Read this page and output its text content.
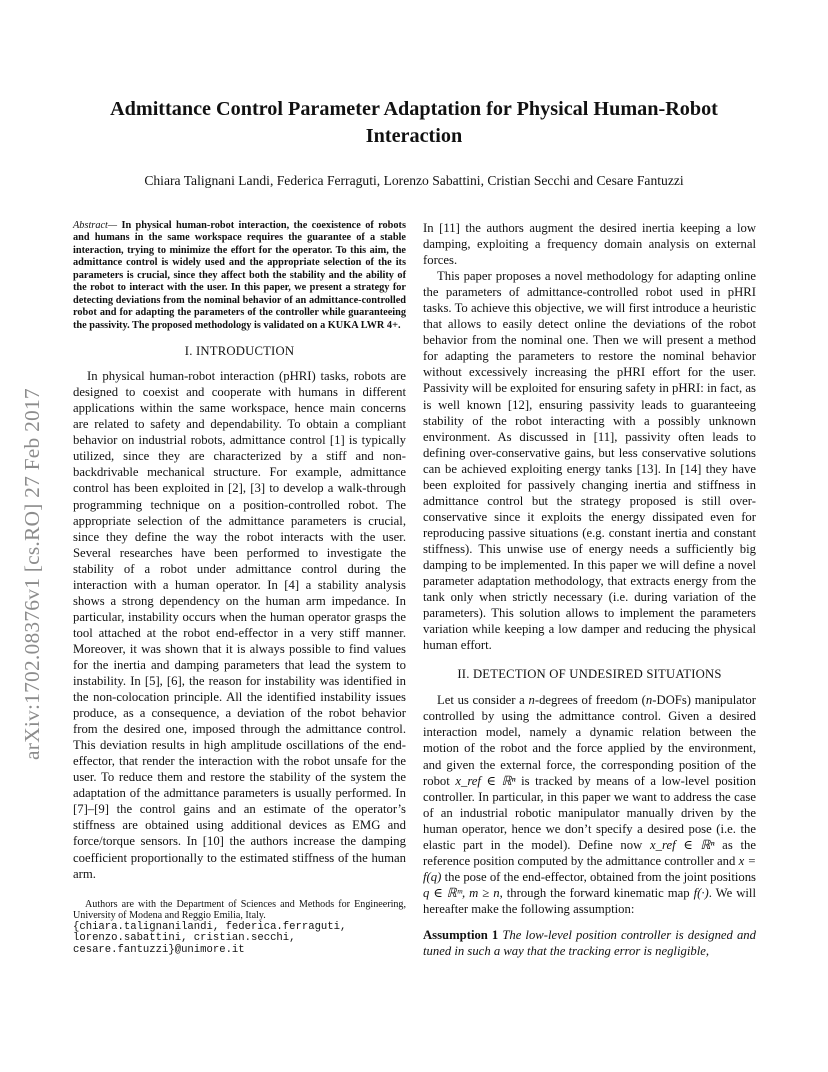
Admittance Control Parameter Adaptation for Physical Human-Robot Interaction
Chiara Talignani Landi, Federica Ferraguti, Lorenzo Sabattini, Cristian Secchi and Cesare Fantuzzi
arXiv:1702.08376v1 [cs.RO] 27 Feb 2017

Abstract— In physical human-robot interaction, the coexistence of robots and humans in the same workspace requires the guarantee of a stable interaction, trying to minimize the effort for the operator. To this aim, the admittance control is widely used and the appropriate selection of the its parameters is crucial, since they affect both the stability and the ability of the robot to interact with the user. In this paper, we present a strategy for detecting deviations from the nominal behavior of an admittance-controlled robot and for adapting the parameters of the controller while guaranteeing the passivity. The proposed methodology is validated on a KUKA LWR 4+.

I. INTRODUCTION

In physical human-robot interaction (pHRI) tasks, robots are designed to coexist and cooperate with humans in different applications within the same workspace, hence main concerns are related to safety and dependability. To obtain a compliant behavior on industrial robots, admittance control [1] is typically utilized, since they are characterized by a stiff and non-backdrivable mechanical structure. For example, admittance control has been exploited in [2], [3] to develop a walk-through programming technique on a position-controlled robot. The appropriate selection of the admittance parameters is crucial, since they define the way the robot interacts with the user. Several researches have been performed to investigate the stability of a robot under admittance control during the interaction with a human operator. In [4] a stability analysis shows a strong dependency on the human arm impedance. In particular, instability occurs when the human operator grasps the tool attached at the robot end-effector in a very stiff manner. Moreover, it was shown that it is always possible to find values for the inertia and damping parameters that lead the system to instability. In [5], [6], the reason for instability was identified in the non-colocation principle. All the identified instability issues produce, as a consequence, a deviation of the robot behavior from the desired one, imposed through the admittance control. This deviation results in high amplitude oscillations of the end-effector, that render the interaction with the robot unsafe for the user. To reduce them and restore the stability of the system the adaptation of the admittance parameters is usually performed. In [7]–[9] the control gains and an estimate of the operator’s stiffness are obtained using additional devices as EMG and force/torque sensors. In [10] the authors increase the damping coefficient proportionally to the estimated stiffness of the human arm.

Authors are with the Department of Sciences and Methods for Engineering, University of Modena and Reggio Emilia, Italy.
{chiara.talignanilandi, federica.ferraguti,
lorenzo.sabattini, cristian.secchi,
cesare.fantuzzi}@unimore.it

In [11] the authors augment the desired inertia keeping a low damping, exploiting a frequency domain analysis on external forces.

This paper proposes a novel methodology for adapting online the parameters of admittance-controlled robot used in pHRI tasks. To achieve this objective, we will first introduce a heuristic that allows to easily detect online the deviations of the robot behavior from the nominal one. Then we will present a method for adapting the parameters to restore the nominal behavior without excessively increasing the pHRI effort for the user. Passivity will be exploited for ensuring safety in pHRI: in fact, as is well known [12], ensuring passivity leads to guaranteeing stability of the robot interacting with a possibly unknown environment. As discussed in [11], passivity often leads to defining over-conservative gains, but less conservative solutions can be achieved exploiting energy tanks [13]. In [14] they have been exploited for passively changing inertia and stiffness in admittance control but the strategy proposed is still over-conservative since it exploits the energy dissipated even for reproducing passive situations (e.g. constant inertia and constant stiffness). This unwise use of energy needs a sufficiently big damping to be implemented. In this paper we will define a novel parameter adaptation methodology, that extracts energy from the tank only when strictly necessary (i.e. during variation of the parameters). This solution allows to implement the parameters variation while keeping a low damper and reducing the physical human effort.

II. DETECTION OF UNDESIRED SITUATIONS

Let us consider a n-degrees of freedom (n-DOFs) manipulator controlled by using the admittance control. Given a desired interaction model, namely a dynamic relation between the motion of the robot and the force applied by the environment, and given the external force, the corresponding position of the robot x_ref ∈ ℝⁿ is tracked by means of a low-level position controller. In particular, in this paper we want to address the case of an industrial robotic manipulator manually driven by the human operator, hence we don’t specify a desired pose (i.e. the elastic part in the model). Define now x_ref ∈ ℝⁿ as the reference position computed by the admittance controller and x = f(q) the pose of the end-effector, obtained from the joint positions q ∈ ℝᵐ, m ≥ n, through the forward kinematic map f(·). We will hereafter make the following assumption:

Assumption 1 The low-level position controller is designed and tuned in such a way that the tracking error is negligible,
